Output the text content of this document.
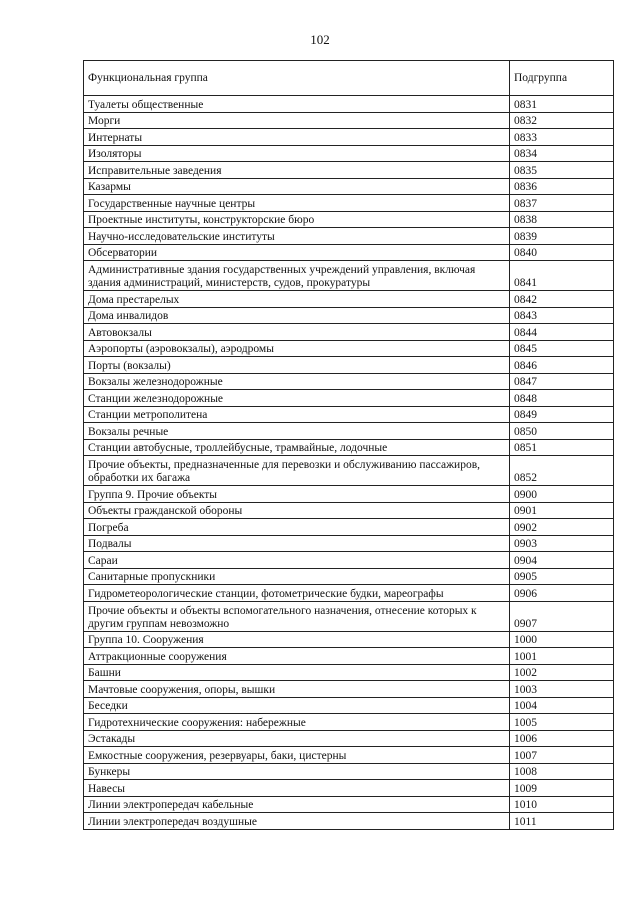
102
Функциональная группа	Подгруппа
Туалеты общественные	0831
Морги	0832
Интернаты	0833
Изоляторы	0834
Исправительные заведения	0835
Казармы	0836
Государственные научные центры	0837
Проектные институты, конструкторские бюро	0838
Научно-исследовательские институты	0839
Обсерватории	0840
Административные здания государственных учреждений управления, включая здания администраций, министерств, судов, прокуратуры	0841
Дома престарелых	0842
Дома инвалидов	0843
Автовокзалы	0844
Аэропорты (аэровокзалы), аэродромы	0845
Порты (вокзалы)	0846
Вокзалы железнодорожные	0847
Станции железнодорожные	0848
Станции метрополитена	0849
Вокзалы речные	0850
Станции автобусные, троллейбусные, трамвайные, лодочные	0851
Прочие объекты, предназначенные для перевозки и обслуживанию пассажиров, обработки их багажа	0852
Группа 9. Прочие объекты	0900
Объекты гражданской обороны	0901
Погреба	0902
Подвалы	0903
Сараи	0904
Санитарные пропускники	0905
Гидрометеорологические станции, фотометрические будки, мареографы	0906
Прочие объекты и объекты вспомогательного назначения, отнесение которых к другим группам невозможно	0907
Группа 10. Сооружения	1000
Аттракционные сооружения	1001
Башни	1002
Мачтовые сооружения, опоры, вышки	1003
Беседки	1004
Гидротехнические сооружения: набережные	1005
Эстакады	1006
Емкостные сооружения, резервуары, баки, цистерны	1007
Бункеры	1008
Навесы	1009
Линии электропередач кабельные	1010
Линии электропередач воздушные	1011
